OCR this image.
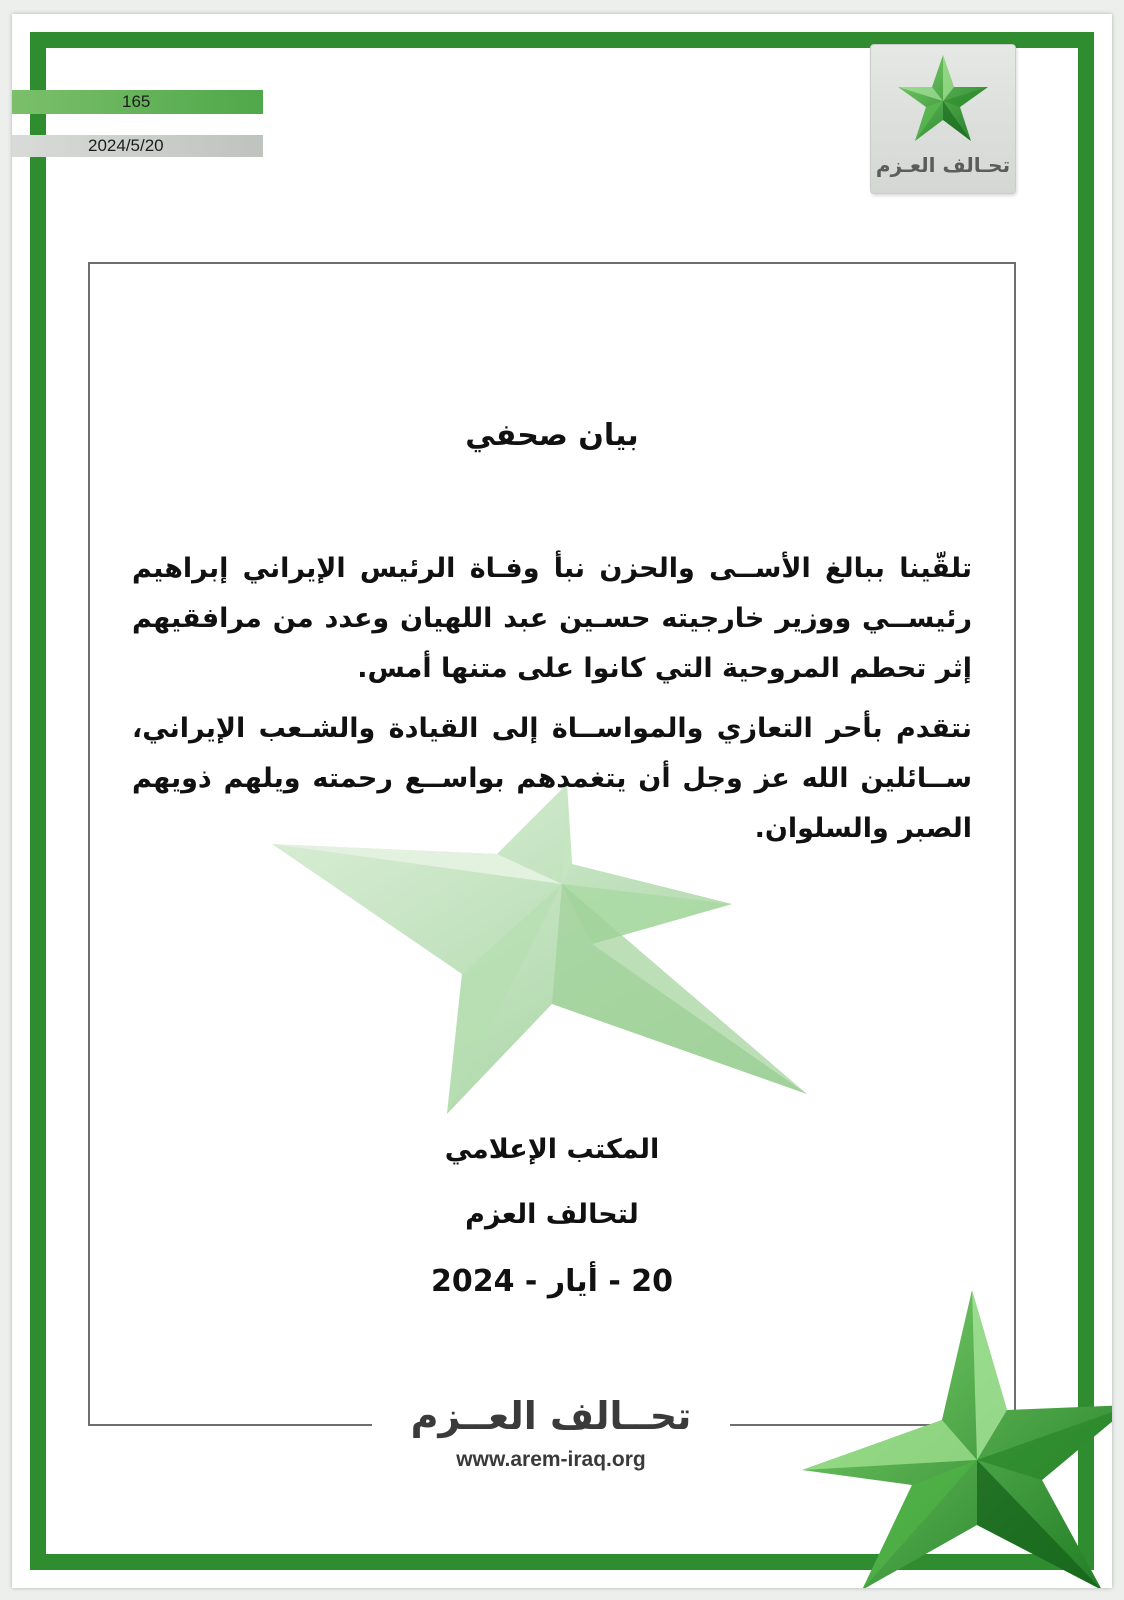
165
2024/5/20
تحـالف العـزم
بيان صحفي

تلقّينا ببالغ الأســى والحزن نبأ وفـاة الرئيس الإيراني إبراهيم رئيســي ووزير خارجيته حسـين عبد اللهيان وعدد من مرافقيهم إثر تحطم المروحية التي كانوا على متنها أمس.

نتقدم بأحر التعازي والمواســاة إلى القيادة والشـعب الإيراني، ســائلين الله عز وجل أن يتغمدهم بواســع رحمته ويلهم ذويهم الصبر والسلوان.

المكتب الإعلامي

لتحالف العزم

20 - أيار - 2024

تحــالف العــزم
www.arem-iraq.org
